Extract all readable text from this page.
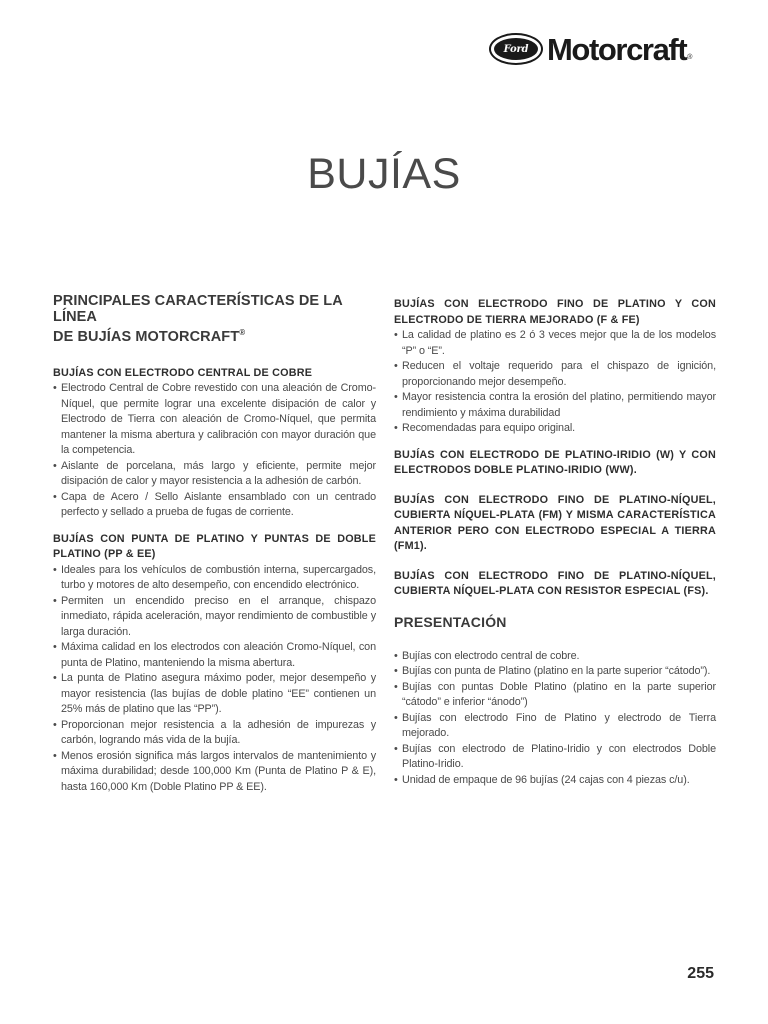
Ford Motorcraft ®
BUJÍAS
PRINCIPALES CARACTERÍSTICAS DE LA LÍNEA
DE BUJÍAS MOTORCRAFT®
BUJÍAS CON ELECTRODO CENTRAL DE COBRE
• Electrodo Central de Cobre revestido con una aleación de Cromo-Níquel, que permite lograr una excelente disipación de calor y Electrodo de Tierra con aleación de Cromo-Níquel, que permita mantener la misma abertura y calibración con mayor duración que la competencia.
• Aislante de porcelana, más largo y eficiente, permite mejor disipación de calor y mayor resistencia a la adhesión de carbón.
• Capa de Acero / Sello Aislante ensamblado con un centrado perfecto y sellado a prueba de fugas de corriente.
BUJÍAS CON PUNTA DE PLATINO Y PUNTAS DE DOBLE PLATINO (PP & EE)
• Ideales para los vehículos de combustión interna, supercargados, turbo y motores de alto desempeño, con encendido electrónico.
• Permiten un encendido preciso en el arranque, chispazo inmediato, rápida aceleración, mayor rendimiento de combustible y larga duración.
• Máxima calidad en los electrodos con aleación Cromo-Níquel, con punta de Platino, manteniendo la misma abertura.
• La punta de Platino asegura máximo poder, mejor desempeño y mayor resistencia (las bujías de doble platino “EE” contienen un 25% más de platino que las “PP”).
• Proporcionan mejor resistencia a la adhesión de impurezas y carbón, logrando más vida de la bujía.
• Menos erosión significa más largos intervalos de mantenimiento y máxima durabilidad; desde 100,000 Km (Punta de Platino P & E), hasta 160,000 Km (Doble Platino PP & EE).
BUJÍAS CON ELECTRODO FINO DE PLATINO Y CON ELECTRODO DE TIERRA MEJORADO (F & FE)
• La calidad de platino es 2 ó 3 veces mejor que la de los modelos “P” o “E”.
• Reducen el voltaje requerido para el chispazo de ignición, proporcionando mejor desempeño.
• Mayor resistencia contra la erosión del platino, permitiendo mayor rendimiento y máxima durabilidad
• Recomendadas para equipo original.
BUJÍAS CON ELECTRODO DE PLATINO-IRIDIO (W) Y CON ELECTRODOS DOBLE PLATINO-IRIDIO (WW).
BUJÍAS CON ELECTRODO FINO DE PLATINO-NÍQUEL, CUBIERTA NÍQUEL-PLATA (FM) Y MISMA CARACTERÍSTICA ANTERIOR PERO CON ELECTRODO ESPECIAL A TIERRA (FM1).
BUJÍAS CON ELECTRODO FINO DE PLATINO-NÍQUEL, CUBIERTA NÍQUEL-PLATA CON RESISTOR ESPECIAL (FS).
PRESENTACIÓN
• Bujías con electrodo central de cobre.
• Bujías con punta de Platino (platino en la parte superior “cátodo”).
• Bujías con puntas Doble Platino (platino en la parte superior “cátodo” e inferior “ánodo”)
• Bujías con electrodo Fino de Platino y electrodo de Tierra mejorado.
• Bujías con electrodo de Platino-Iridio y con electrodos Doble Platino-Iridio.
• Unidad de empaque de 96 bujías (24 cajas con 4 piezas c/u).
255
